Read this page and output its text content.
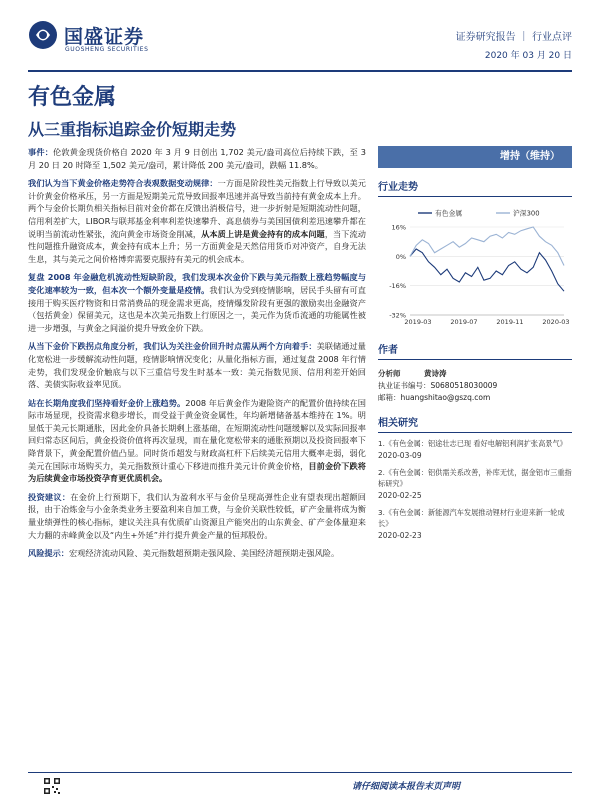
国盛证券
GUOSHENG SECURITIES
证券研究报告 ｜ 行业点评
2020 年 03 月 20 日
有色金属
从三重指标追踪金价短期走势

事件：伦敦黄金现货价格自 2020 年 3 月 9 日创出 1,702 美元/盎司高位后持续下跌，至 3 月 20 日 20 时降至 1,502 美元/盎司，累计降低 200 美元/盎司，跌幅 11.8%。

我们认为当下黄金价格走势符合表观数据变动规律：一方面是阶段性美元指数上行导致以美元计价黄金价格承压，另一方面是短期美元荒导致回报率迅速并高导致当前持有黄金成本上升。两个与金价长期负相关指标目前对金价都在反馈出消极信号，进一步折射是短期流动性问题，信用利差扩大，LIBOR与联邦基金利率利差快速攀升、高息债券与美国国债利差迅速攀升都在说明当前流动性紧张，流向黄金市场资金削减，从本质上讲是黄金持有的成本问题，当下流动性问题推升融资成本，黄金持有成本上升；另一方面黄金是天然信用货币对冲资产，自身无法生息，其与美元之间价格博弈需要克服持有美元的机会成本。

复盘 2008 年金融危机流动性短缺阶段，我们发现本次金价下跌与美元指数上涨趋势幅度与变化速率较为一致，但本次一个额外变量是疫情。我们认为受到疫情影响，居民手头留有可直接用于购买医疗物资和日常消费品的现金需求更高，疫情爆发阶段有更强的激励卖出金融资产（包括黄金）保留美元，这也是本次美元指数上行原因之一，美元作为货币流通的功能属性被进一步增强，与黄金之间溢价提升导致金价下跌。

从当下金价下跌拐点角度分析，我们认为关注金价回升时点需从两个方向着手：美联储通过量化宽松进一步缓解流动性问题，疫情影响情况变化；从量化指标方面，通过复盘 2008 年行情走势，我们发现金价触底与以下三重信号发生时基本一致：美元指数见顶、信用利差开始回落、美债实际收益率见顶。

站在长期角度我们坚持看好金价上涨趋势。2008 年后黄金作为避险资产的配置价值持续在国际市场显现，投资需求稳步增长，而受益于黄金资金属性，年均新增储备基本维持在 1%。明显低于美元长期通胀，因此金价具备长期剩上涨基础，在短期流动性问题缓解以及实际回报率回归常态区间后，黄金投资价值将再次显现，而在量化宽松带来的通胀预期以及投资回报率下降背景下，黄金配置价值凸显。同时货币超发与财政高杠杆下后续美元信用大概率走弱，弱化美元在国际市场购买力，美元指数预计重心下移进而推升美元计价黄金价格，目前金价下跌将为后续黄金市场投资孕育更优质机会。

投资建议：在金价上行预期下，我们认为盈利水平与金价呈现高弹性企业有望表现出超额回报，由于冶炼金与小金条类业务主要盈利来自加工费，与金价关联性较低，矿产金量将成为衡量业绩弹性的核心指标，建议关注具有优质矿山资源且产能突出的山东黄金、矿产金体量迎来大力翻的赤峰黄金以及“内生+外延”并行提升黄金产量的恒邦股份。

风险提示：宏观经济流动风险、美元指数超预期走强风险、美国经济超预期走强风险。

增持（维持）
行业走势
16%
0%
-16%
-32%
2019-03	2019-07	2019-11	2020-03
有色金属	沪深300
作者
分析师	黄诗涛
执业证书编号：S0680518030009
邮箱：huangshitao@gszq.com
相关研究
1.《有色金属：铝途壮志已现 看好电解铝利润扩张高景气》
2020-03-09
2.《有色金属：铝供需关系改善，补库无忧，据金铝市三重指标研究》
2020-02-25
3.《有色金属：新能源汽车发展推动锂材行业迎来新一轮成长》
2020-02-23
请仔细阅读本报告末页声明
